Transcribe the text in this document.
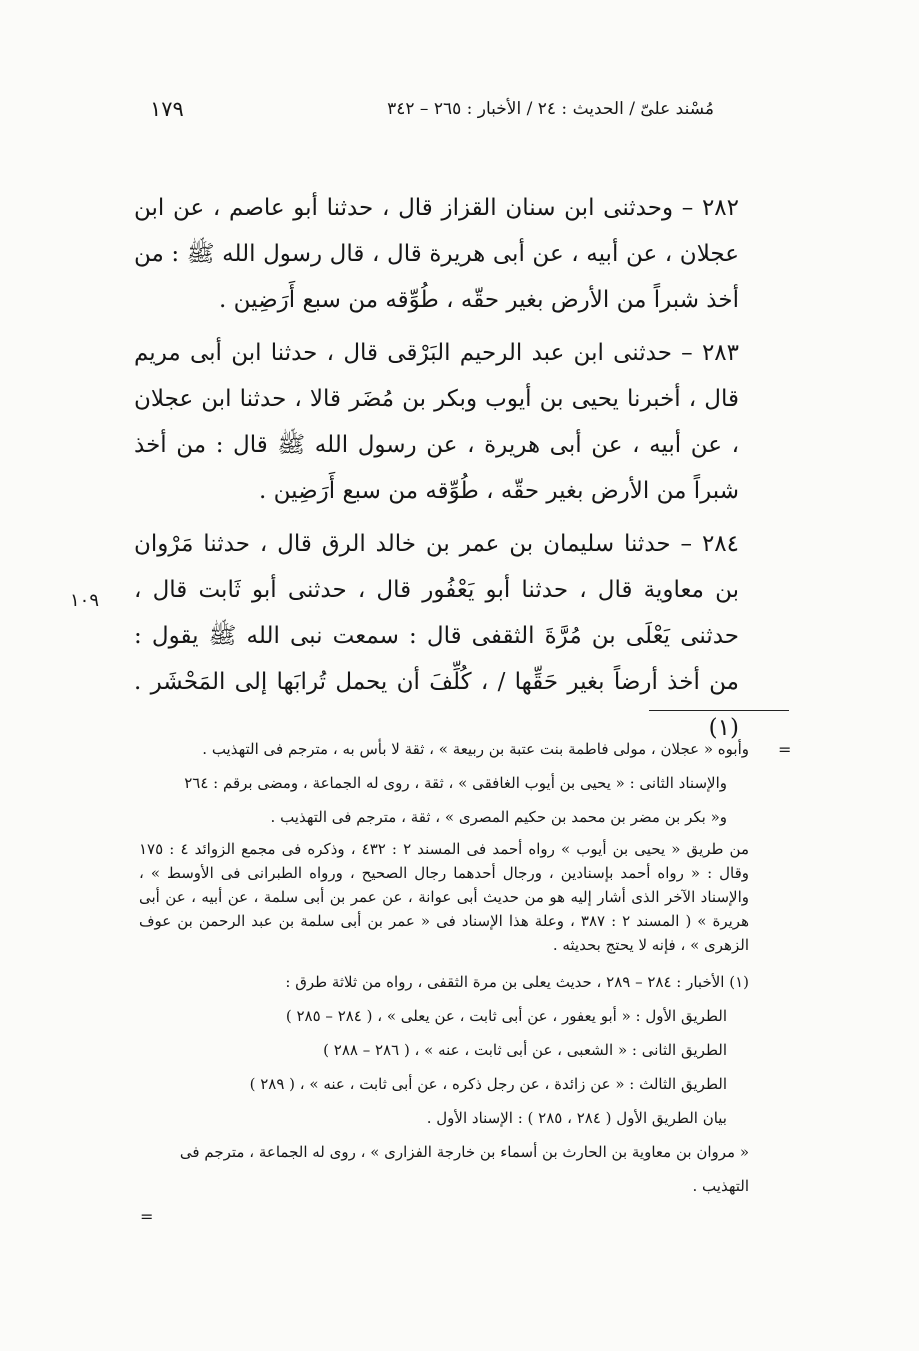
مُسْند علىّ / الحديث : ٢٤ / الأخبار : ٢٦٥ – ٣٤٢
١٧٩

٢٨٢ – وحدثنى ابن سنان القزاز قال ، حدثنا أبو عاصم ، عن ابن عجلان ، عن أبيه ، عن أبى هريرة قال ، قال رسول الله ﷺ : من أخذ شبراً من الأرض بغير حقّه ، طُوِّقه من سبع أَرَضِين .

٢٨٣ – حدثنى ابن عبد الرحيم البَرْقى قال ، حدثنا ابن أبى مريم قال ، أخبرنا يحيى بن أيوب وبكر بن مُضَر قالا ، حدثنا ابن عجلان ، عن أبيه ، عن أبى هريرة ، عن رسول الله ﷺ قال : من أخذ شبراً من الأرض بغير حقّه ، طُوِّقه من سبع أَرَضِين .

٢٨٤ – حدثنا سليمان بن عمر بن خالد الرق قال ، حدثنا مَرْوان بن معاوية قال ، حدثنا أبو يَعْفُور قال ، حدثنى أبو ثَابت قال ، حدثنى يَعْلَى بن مُرَّةَ الثقفى قال : سمعت نبى الله ﷺ يقول : من أخذ أرضاً بغير حَقِّها / ، كُلِّفَ أن يحمل تُرابَها إلى المَحْشَر .(١)

١٠٩
=

وأبوه « عجلان ، مولى فاطمة بنت عتبة بن ربيعة » ، ثقة لا بأس به ، مترجم فى التهذيب .

والإسناد الثانى : « يحيى بن أيوب الغافقى » ، ثقة ، روى له الجماعة ، ومضى برقم : ٢٦٤

و« بكر بن مضر بن محمد بن حكيم المصرى » ، ثقة ، مترجم فى التهذيب .

من طريق « يحيى بن أيوب » رواه أحمد فى المسند ٢ : ٤٣٢ ، وذكره فى مجمع الزوائد ٤ : ١٧٥ وقال : « رواه أحمد بإسنادين ، ورجال أحدهما رجال الصحيح ، ورواه الطبرانى فى الأوسط » ، والإسناد الآخر الذى أشار إليه هو من حديث أبى عوانة ، عن عمر بن أبى سلمة ، عن أبيه ، عن أبى هريرة » ( المسند ٢ : ٣٨٧ ، وعلة هذا الإسناد فى « عمر بن أبى سلمة بن عبد الرحمن بن عوف الزهرى » ، فإنه لا يحتج بحديثه .

(١) الأخبار : ٢٨٤ – ٢٨٩ ، حديث يعلى بن مرة الثقفى ، رواه من ثلاثة طرق :

الطريق الأول : « أبو يعفور ، عن أبى ثابت ، عن يعلى » ، ( ٢٨٤ – ٢٨٥ )

الطريق الثانى : « الشعبى ، عن أبى ثابت ، عنه » ، ( ٢٨٦ – ٢٨٨ )

الطريق الثالث : « عن زائدة ، عن رجل ذكره ، عن أبى ثابت ، عنه » ، ( ٢٨٩ )

بيان الطريق الأول ( ٢٨٤ ، ٢٨٥ ) : الإسناد الأول .

« مروان بن معاوية بن الحارث بن أسماء بن خارجة الفزارى » ، روى له الجماعة ، مترجم فى التهذيب .

=
